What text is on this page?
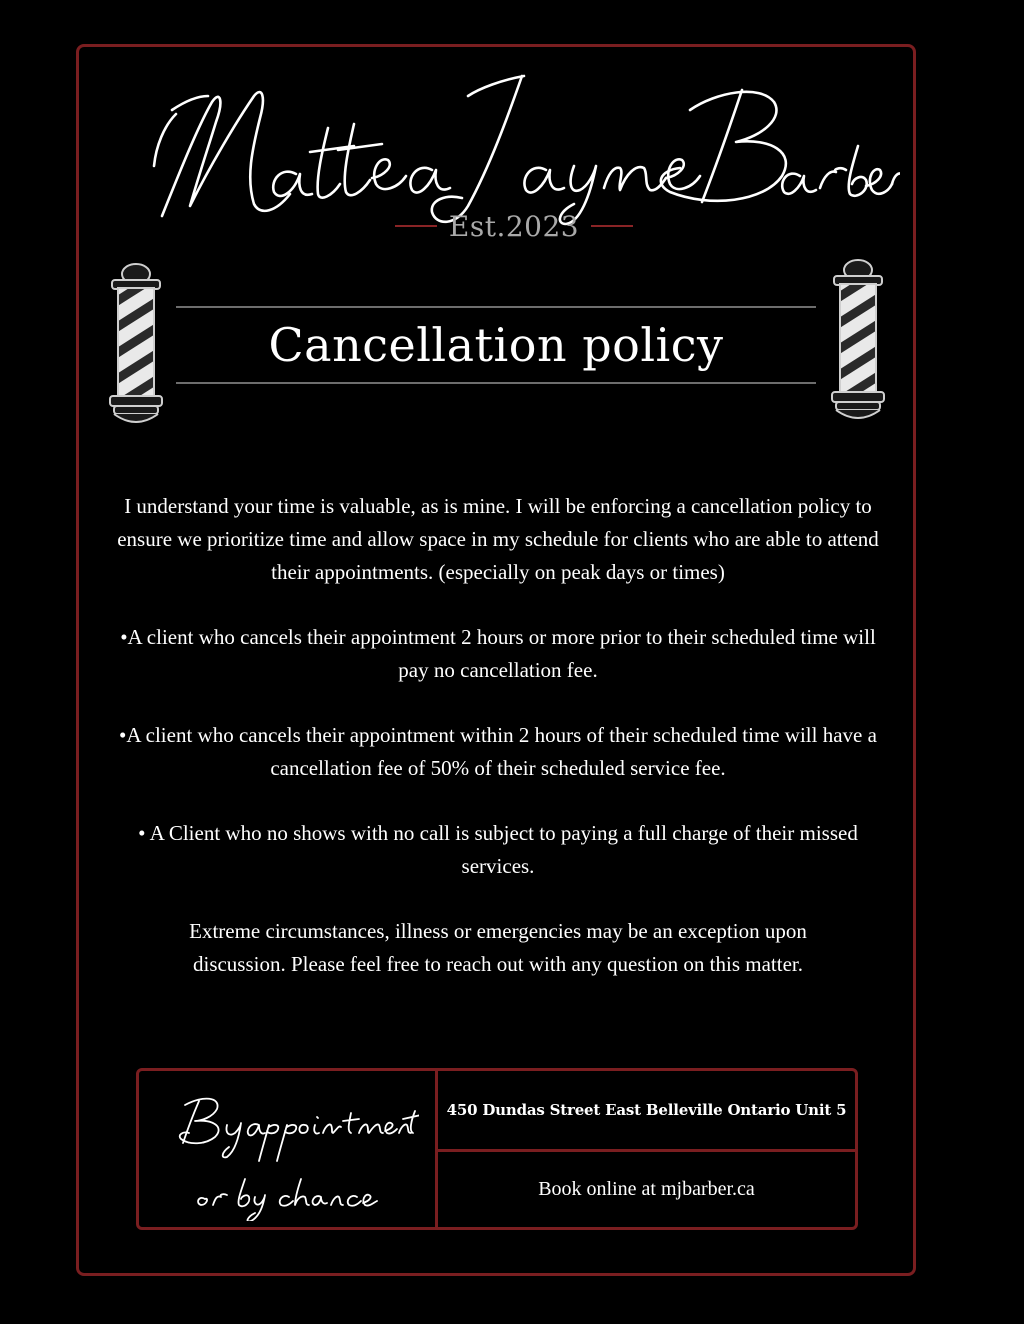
Est.2023
Cancellation policy

I understand your time is valuable, as is mine. I will be enforcing a cancellation policy to ensure we prioritize time and allow space in my schedule for clients who are able to attend their appointments. (especially on peak days or times)

•A client who cancels their appointment 2 hours or more prior to their scheduled time will pay no cancellation fee.

•A client who cancels their appointment within 2 hours of their scheduled time will have a cancellation fee of 50% of their scheduled service fee.

• A Client who no shows with no call is subject to paying a full charge of their missed services.

Extreme circumstances, illness or emergencies may be an exception upon discussion. Please feel free to reach out with any question on this matter.

450 Dundas Street East Belleville Ontario Unit 5
Book online at mjbarber.ca
